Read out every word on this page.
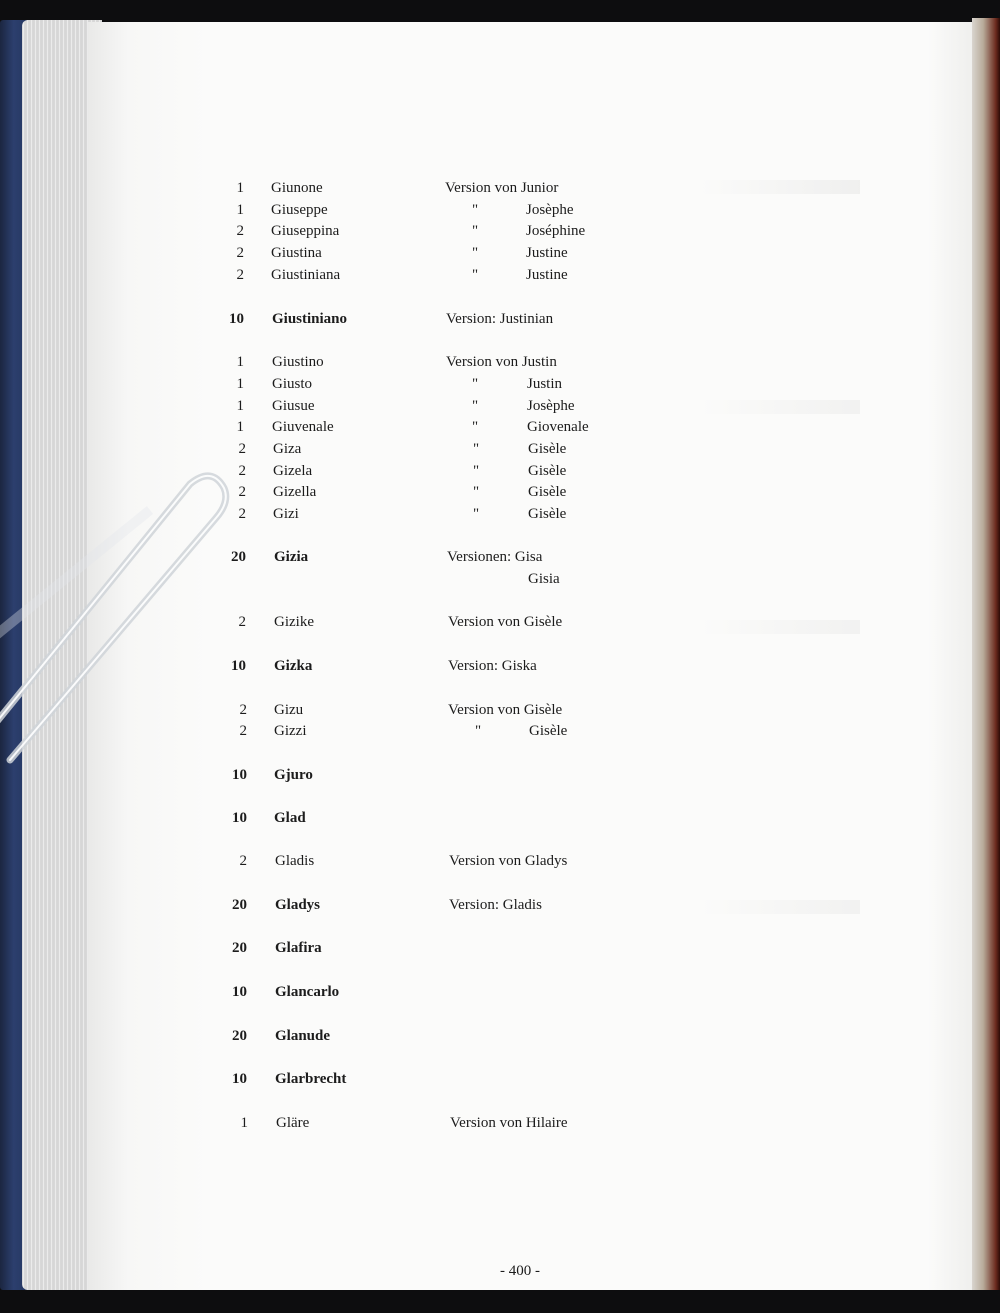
1 Giunone	Version von Junior
1 Giuseppe	"	Josèphe
2 Giuseppina	"	Joséphine
2 Giustina	"	Justine
2 Giustiniana	"	Justine
10 Giustiniano	Version: Justinian
1 Giustino	Version von Justin
1 Giusto	"	Justin
1 Giusue	"	Josèphe
1 Giuvenale	"	Giovenale
2 Giza	"	Gisèle
2 Gizela	"	Gisèle
2 Gizella	"	Gisèle
2 Gizi	"	Gisèle
20 Gizia	Versionen: Gisa
Gisia
2 Gizike	Version von Gisèle
10 Gizka	Version: Giska
2 Gizu	Version von Gisèle
2 Gizzi	"	Gisèle
10 Gjuro
10 Glad
2 Gladis	Version von Gladys
20 Gladys	Version: Gladis
20 Glafira
10 Glancarlo
20 Glanude
10 Glarbrecht
1 Gläre	Version von Hilaire
- 400 -
